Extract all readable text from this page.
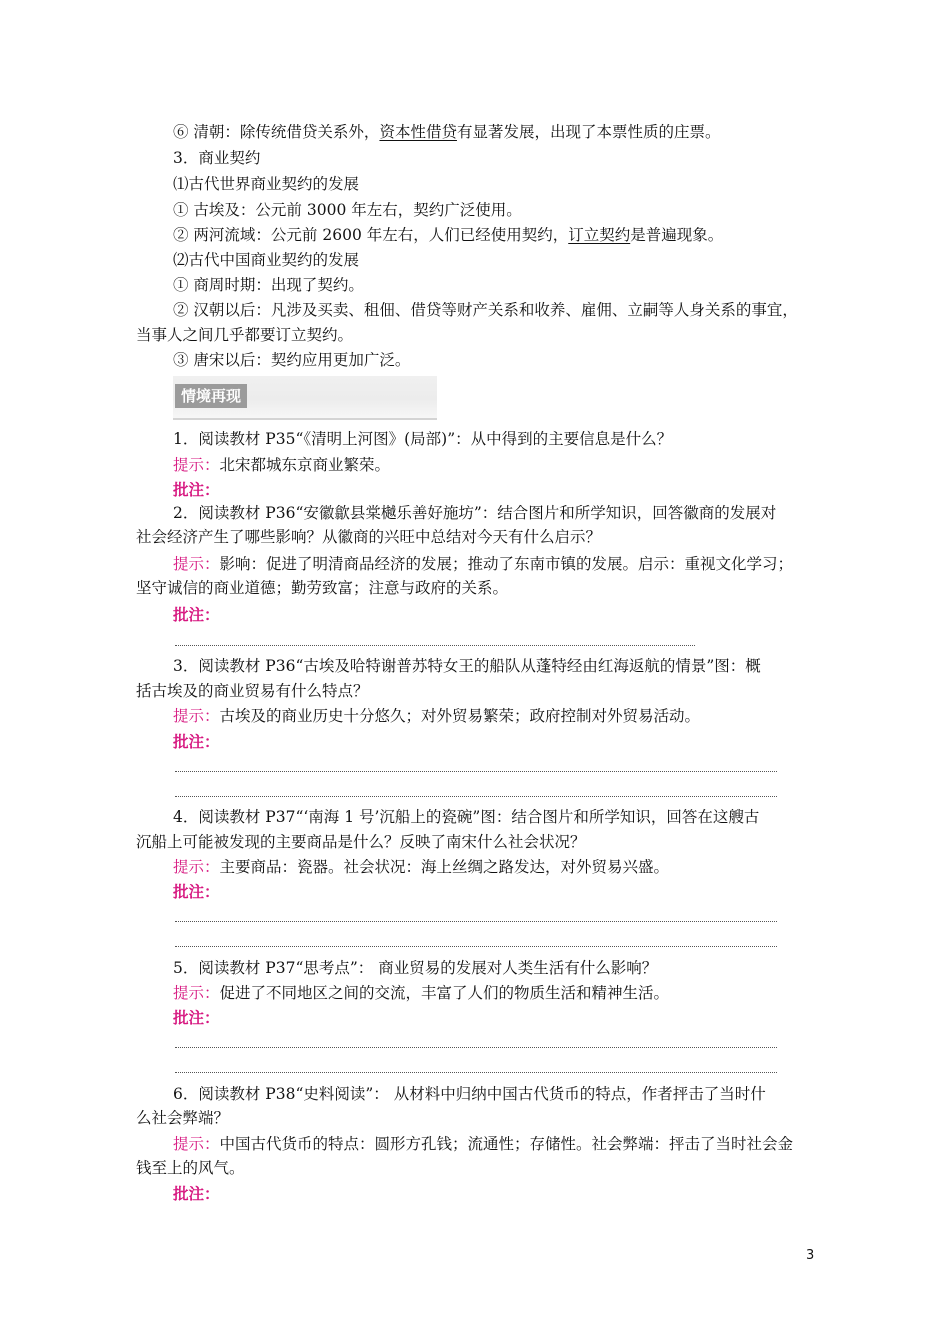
⑥ 清朝：除传统借贷关系外，资本性借贷有显著发展，出现了本票性质的庄票。
3．商业契约
⑴古代世界商业契约的发展
① 古埃及：公元前 3000 年左右，契约广泛使用。
② 两河流域：公元前 2600 年左右，人们已经使用契约，订立契约是普遍现象。
⑵古代中国商业契约的发展
① 商周时期：出现了契约。
② 汉朝以后：凡涉及买卖、租佃、借贷等财产关系和收养、雇佣、立嗣等人身关系的事宜，
当事人之间几乎都要订立契约。
③ 唐宋以后：契约应用更加广泛。
情境再现
1．阅读教材 P35“《清明上河图》(局部)”：从中得到的主要信息是什么？
提示：北宋都城东京商业繁荣。
批注：
2．阅读教材 P36“安徽歙县棠樾乐善好施坊”：结合图片和所学知识，回答徽商的发展对
社会经济产生了哪些影响？从徽商的兴旺中总结对今天有什么启示？
提示：影响：促进了明清商品经济的发展；推动了东南市镇的发展。启示：重视文化学习；
坚守诚信的商业道德；勤劳致富；注意与政府的关系。
批注：
3．阅读教材 P36“古埃及哈特谢普苏特女王的船队从蓬特经由红海返航的情景”图：概
括古埃及的商业贸易有什么特点？
提示：古埃及的商业历史十分悠久；对外贸易繁荣；政府控制对外贸易活动。
批注：
4．阅读教材 P37“‘南海 1 号’沉船上的瓷碗”图：结合图片和所学知识，回答在这艘古
沉船上可能被发现的主要商品是什么？反映了南宋什么社会状况？
提示：主要商品：瓷器。社会状况：海上丝绸之路发达，对外贸易兴盛。
批注：
5．阅读教材 P37“思考点”： 商业贸易的发展对人类生活有什么影响？
提示：促进了不同地区之间的交流，丰富了人们的物质生活和精神生活。
批注：
6．阅读教材 P38“史料阅读”： 从材料中归纳中国古代货币的特点，作者抨击了当时什
么社会弊端？
提示：中国古代货币的特点：圆形方孔钱；流通性；存储性。社会弊端：抨击了当时社会金
钱至上的风气。
批注：
3
